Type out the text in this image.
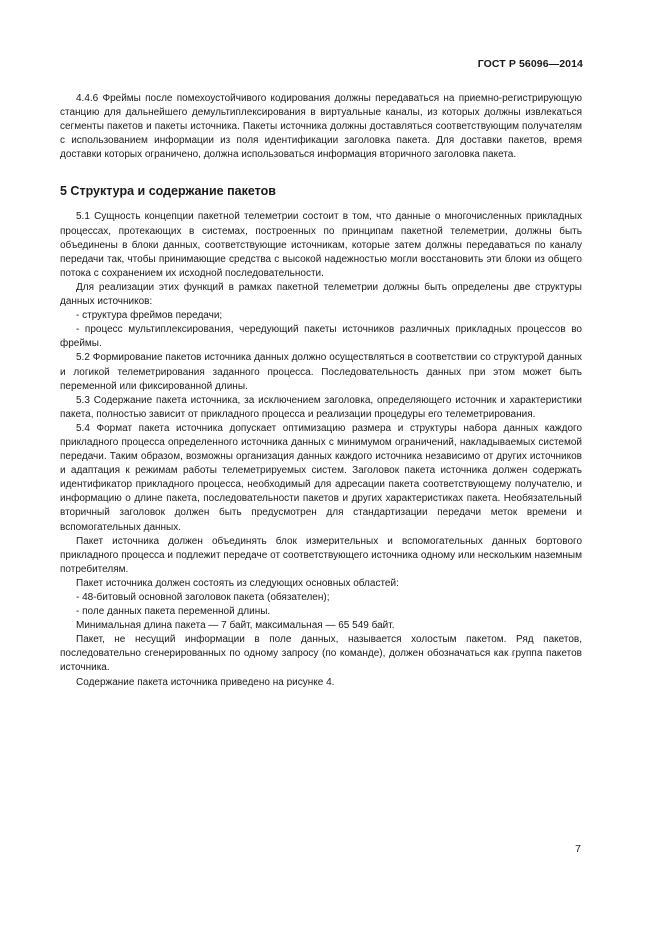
ГОСТ Р 56096—2014

4.4.6 Фреймы после помехоустойчивого кодирования должны передаваться на приемно-регистрирующую станцию для дальнейшего демультиплексирования в виртуальные каналы, из которых должны извлекаться сегменты пакетов и пакеты источника. Пакеты источника должны доставляться соответствующим получателям с использованием информации из поля идентификации заголовка пакета. Для доставки пакетов, время доставки которых ограничено, должна использоваться информация вторичного заголовка пакета.

5 Структура и содержание пакетов

5.1 Сущность концепции пакетной телеметрии состоит в том, что данные о многочисленных прикладных процессах, протекающих в системах, построенных по принципам пакетной телеметрии, должны быть объединены в блоки данных, соответствующие источникам, которые затем должны передаваться по каналу передачи так, чтобы принимающие средства с высокой надежностью могли восстановить эти блоки из общего потока с сохранением их исходной последовательности.

Для реализации этих функций в рамках пакетной телеметрии должны быть определены две структуры данных источников:

- структура фреймов передачи;

- процесс мультиплексирования, чередующий пакеты источников различных прикладных процессов во фреймы.

5.2 Формирование пакетов источника данных должно осуществляться в соответствии со структурой данных и логикой телеметрирования заданного процесса. Последовательность данных при этом может быть переменной или фиксированной длины.

5.3 Содержание пакета источника, за исключением заголовка, определяющего источник и характеристики пакета, полностью зависит от прикладного процесса и реализации процедуры его телеметрирования.

5.4 Формат пакета источника допускает оптимизацию размера и структуры набора данных каждого прикладного процесса определенного источника данных с минимумом ограничений, накладываемых системой передачи. Таким образом, возможны организация данных каждого источника независимо от других источников и адаптация к режимам работы телеметрируемых систем. Заголовок пакета источника должен содержать идентификатор прикладного процесса, необходимый для адресации пакета соответствующему получателю, и информацию о длине пакета, последовательности пакетов и других характеристиках пакета. Необязательный вторичный заголовок должен быть предусмотрен для стандартизации передачи меток времени и вспомогательных данных.

Пакет источника должен объединять блок измерительных и вспомогательных данных бортового прикладного процесса и подлежит передаче от соответствующего источника одному или нескольким наземным потребителям.

Пакет источника должен состоять из следующих основных областей:

- 48-битовый основной заголовок пакета (обязателен);

- поле данных пакета переменной длины.

Минимальная длина пакета — 7 байт, максимальная — 65 549 байт.

Пакет, не несущий информации в поле данных, называется холостым пакетом. Ряд пакетов, последовательно сгенерированных по одному запросу (по команде), должен обозначаться как группа пакетов источника.

Содержание пакета источника приведено на рисунке 4.

7
